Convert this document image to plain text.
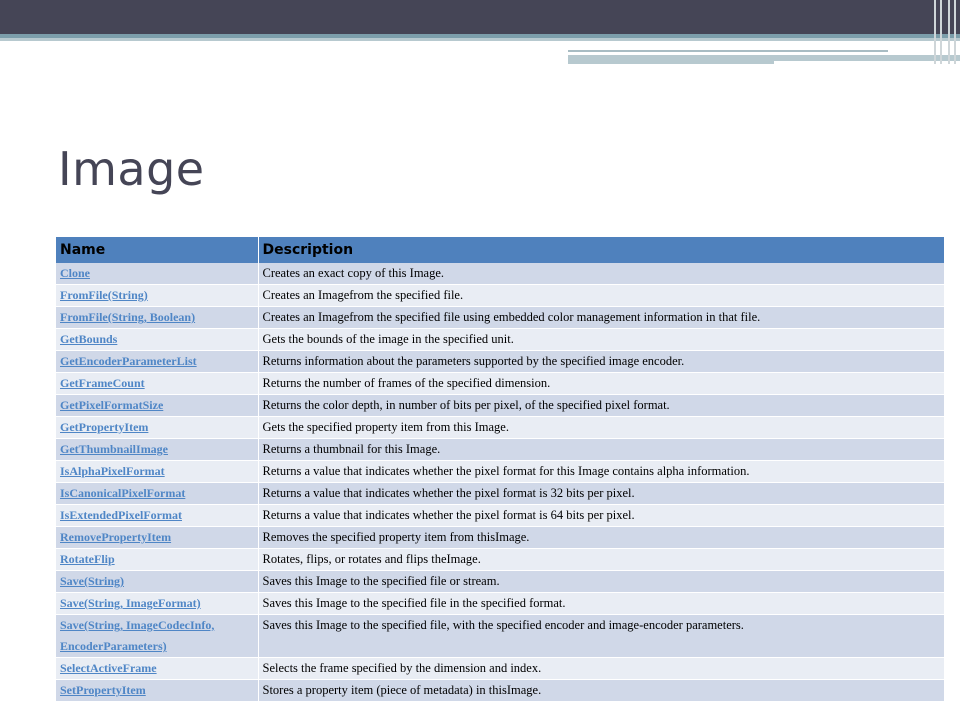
Image
Name	Description
Clone	Creates an exact copy of this Image.
FromFile(String)	Creates an Imagefrom the specified file.
FromFile(String, Boolean)	Creates an Imagefrom the specified file using embedded color management information in that file.
GetBounds	Gets the bounds of the image in the specified unit.
GetEncoderParameterList	Returns information about the parameters supported by the specified image encoder.
GetFrameCount	Returns the number of frames of the specified dimension.
GetPixelFormatSize	Returns the color depth, in number of bits per pixel, of the specified pixel format.
GetPropertyItem	Gets the specified property item from this Image.
GetThumbnailImage	Returns a thumbnail for this Image.
IsAlphaPixelFormat	Returns a value that indicates whether the pixel format for this Image contains alpha information.
IsCanonicalPixelFormat	Returns a value that indicates whether the pixel format is 32 bits per pixel.
IsExtendedPixelFormat	Returns a value that indicates whether the pixel format is 64 bits per pixel.
RemovePropertyItem	Removes the specified property item from thisImage.
RotateFlip	Rotates, flips, or rotates and flips theImage.
Save(String)	Saves this Image to the specified file or stream.
Save(String, ImageFormat)	Saves this Image to the specified file in the specified format.
Save(String, ImageCodecInfo, EncoderParameters)	Saves this Image to the specified file, with the specified encoder and image-encoder parameters.
SelectActiveFrame	Selects the frame specified by the dimension and index.
SetPropertyItem	Stores a property item (piece of metadata) in thisImage.
